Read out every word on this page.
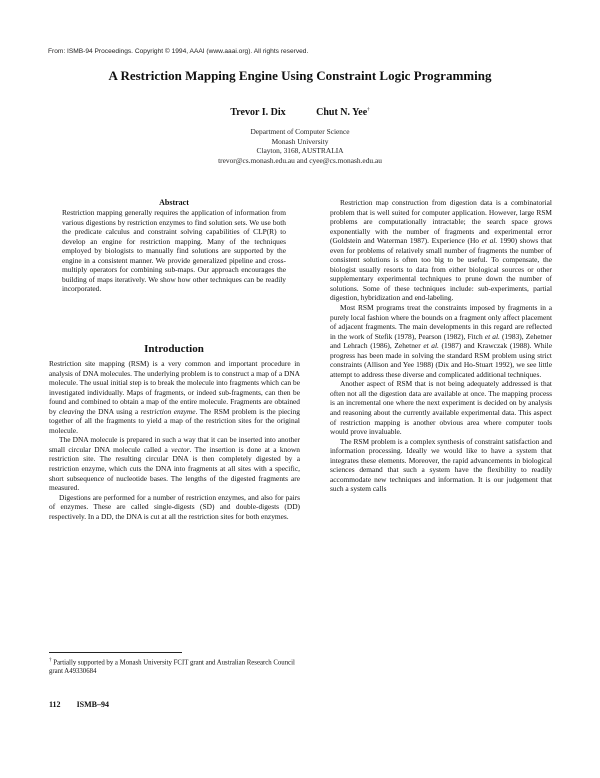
From: ISMB-94 Proceedings. Copyright © 1994, AAAI (www.aaai.org). All rights reserved.
A Restriction Mapping Engine Using Constraint Logic Programming
Trevor I. Dix	Chut N. Yee†
Department of Computer Science
Monash University
Clayton, 3168, AUSTRALIA
trevor@cs.monash.edu.au and cyee@cs.monash.edu.au
Abstract

Restriction mapping generally requires the application of information from various digestions by restriction enzymes to find solution sets. We use both the predicate calculus and constraint solving capabilities of CLP(R) to develop an engine for restriction mapping. Many of the techniques employed by biologists to manually find solutions are supported by the engine in a consistent manner. We provide generalized pipeline and cross-multiply operators for combining sub-maps. Our approach encourages the building of maps iteratively. We show how other techniques can be readily incorporated.

Introduction

Restriction site mapping (RSM) is a very common and important procedure in analysis of DNA molecules. The underlying problem is to construct a map of a DNA molecule. The usual initial step is to break the molecule into fragments which can be investigated individually. Maps of fragments, or indeed sub-fragments, can then be found and combined to obtain a map of the entire molecule. Fragments are obtained by cleaving the DNA using a restriction enzyme. The RSM problem is the piecing together of all the fragments to yield a map of the restriction sites for the original molecule.

The DNA molecule is prepared in such a way that it can be inserted into another small circular DNA molecule called a vector. The insertion is done at a known restriction site. The resulting circular DNA is then completely digested by a restriction enzyme, which cuts the DNA into fragments at all sites with a specific, short subsequence of nucleotide bases. The lengths of the digested fragments are measured.

Digestions are performed for a number of restriction enzymes, and also for pairs of enzymes. These are called single-digests (SD) and double-digests (DD) respectively. In a DD, the DNA is cut at all the restriction sites for both enzymes.

† Partially supported by a Monash University FCIT grant and Australian Research Council grant A49330684
112 ISMB–94

Restriction map construction from digestion data is a combinatorial problem that is well suited for computer application. However, large RSM problems are computationally intractable; the search space grows exponentially with the number of fragments and experimental error (Goldstein and Waterman 1987). Experience (Ho et al. 1990) shows that even for problems of relatively small number of fragments the number of consistent solutions is often too big to be useful. To compensate, the biologist usually resorts to data from either biological sources or other supplementary experimental techniques to prune down the number of solutions. Some of these techniques include: sub-experiments, partial digestion, hybridization and end-labeling.

Most RSM programs treat the constraints imposed by fragments in a purely local fashion where the bounds on a fragment only affect placement of adjacent fragments. The main developments in this regard are reflected in the work of Stefik (1978), Pearson (1982), Fitch et al. (1983), Zehetner and Lehrach (1986), Zehetner et al. (1987) and Krawczak (1988). While progress has been made in solving the standard RSM problem using strict constraints (Allison and Yee 1988) (Dix and Ho-Stuart 1992), we see little attempt to address these diverse and complicated additional techniques.

Another aspect of RSM that is not being adequately addressed is that often not all the digestion data are available at once. The mapping process is an incremental one where the next experiment is decided on by analysis and reasoning about the currently available experimental data. This aspect of restriction mapping is another obvious area where computer tools would prove invaluable.

The RSM problem is a complex synthesis of constraint satisfaction and information processing. Ideally we would like to have a system that integrates these elements. Moreover, the rapid advancements in biological sciences demand that such a system have the flexibility to readily accommodate new techniques and information. It is our judgement that such a system calls
